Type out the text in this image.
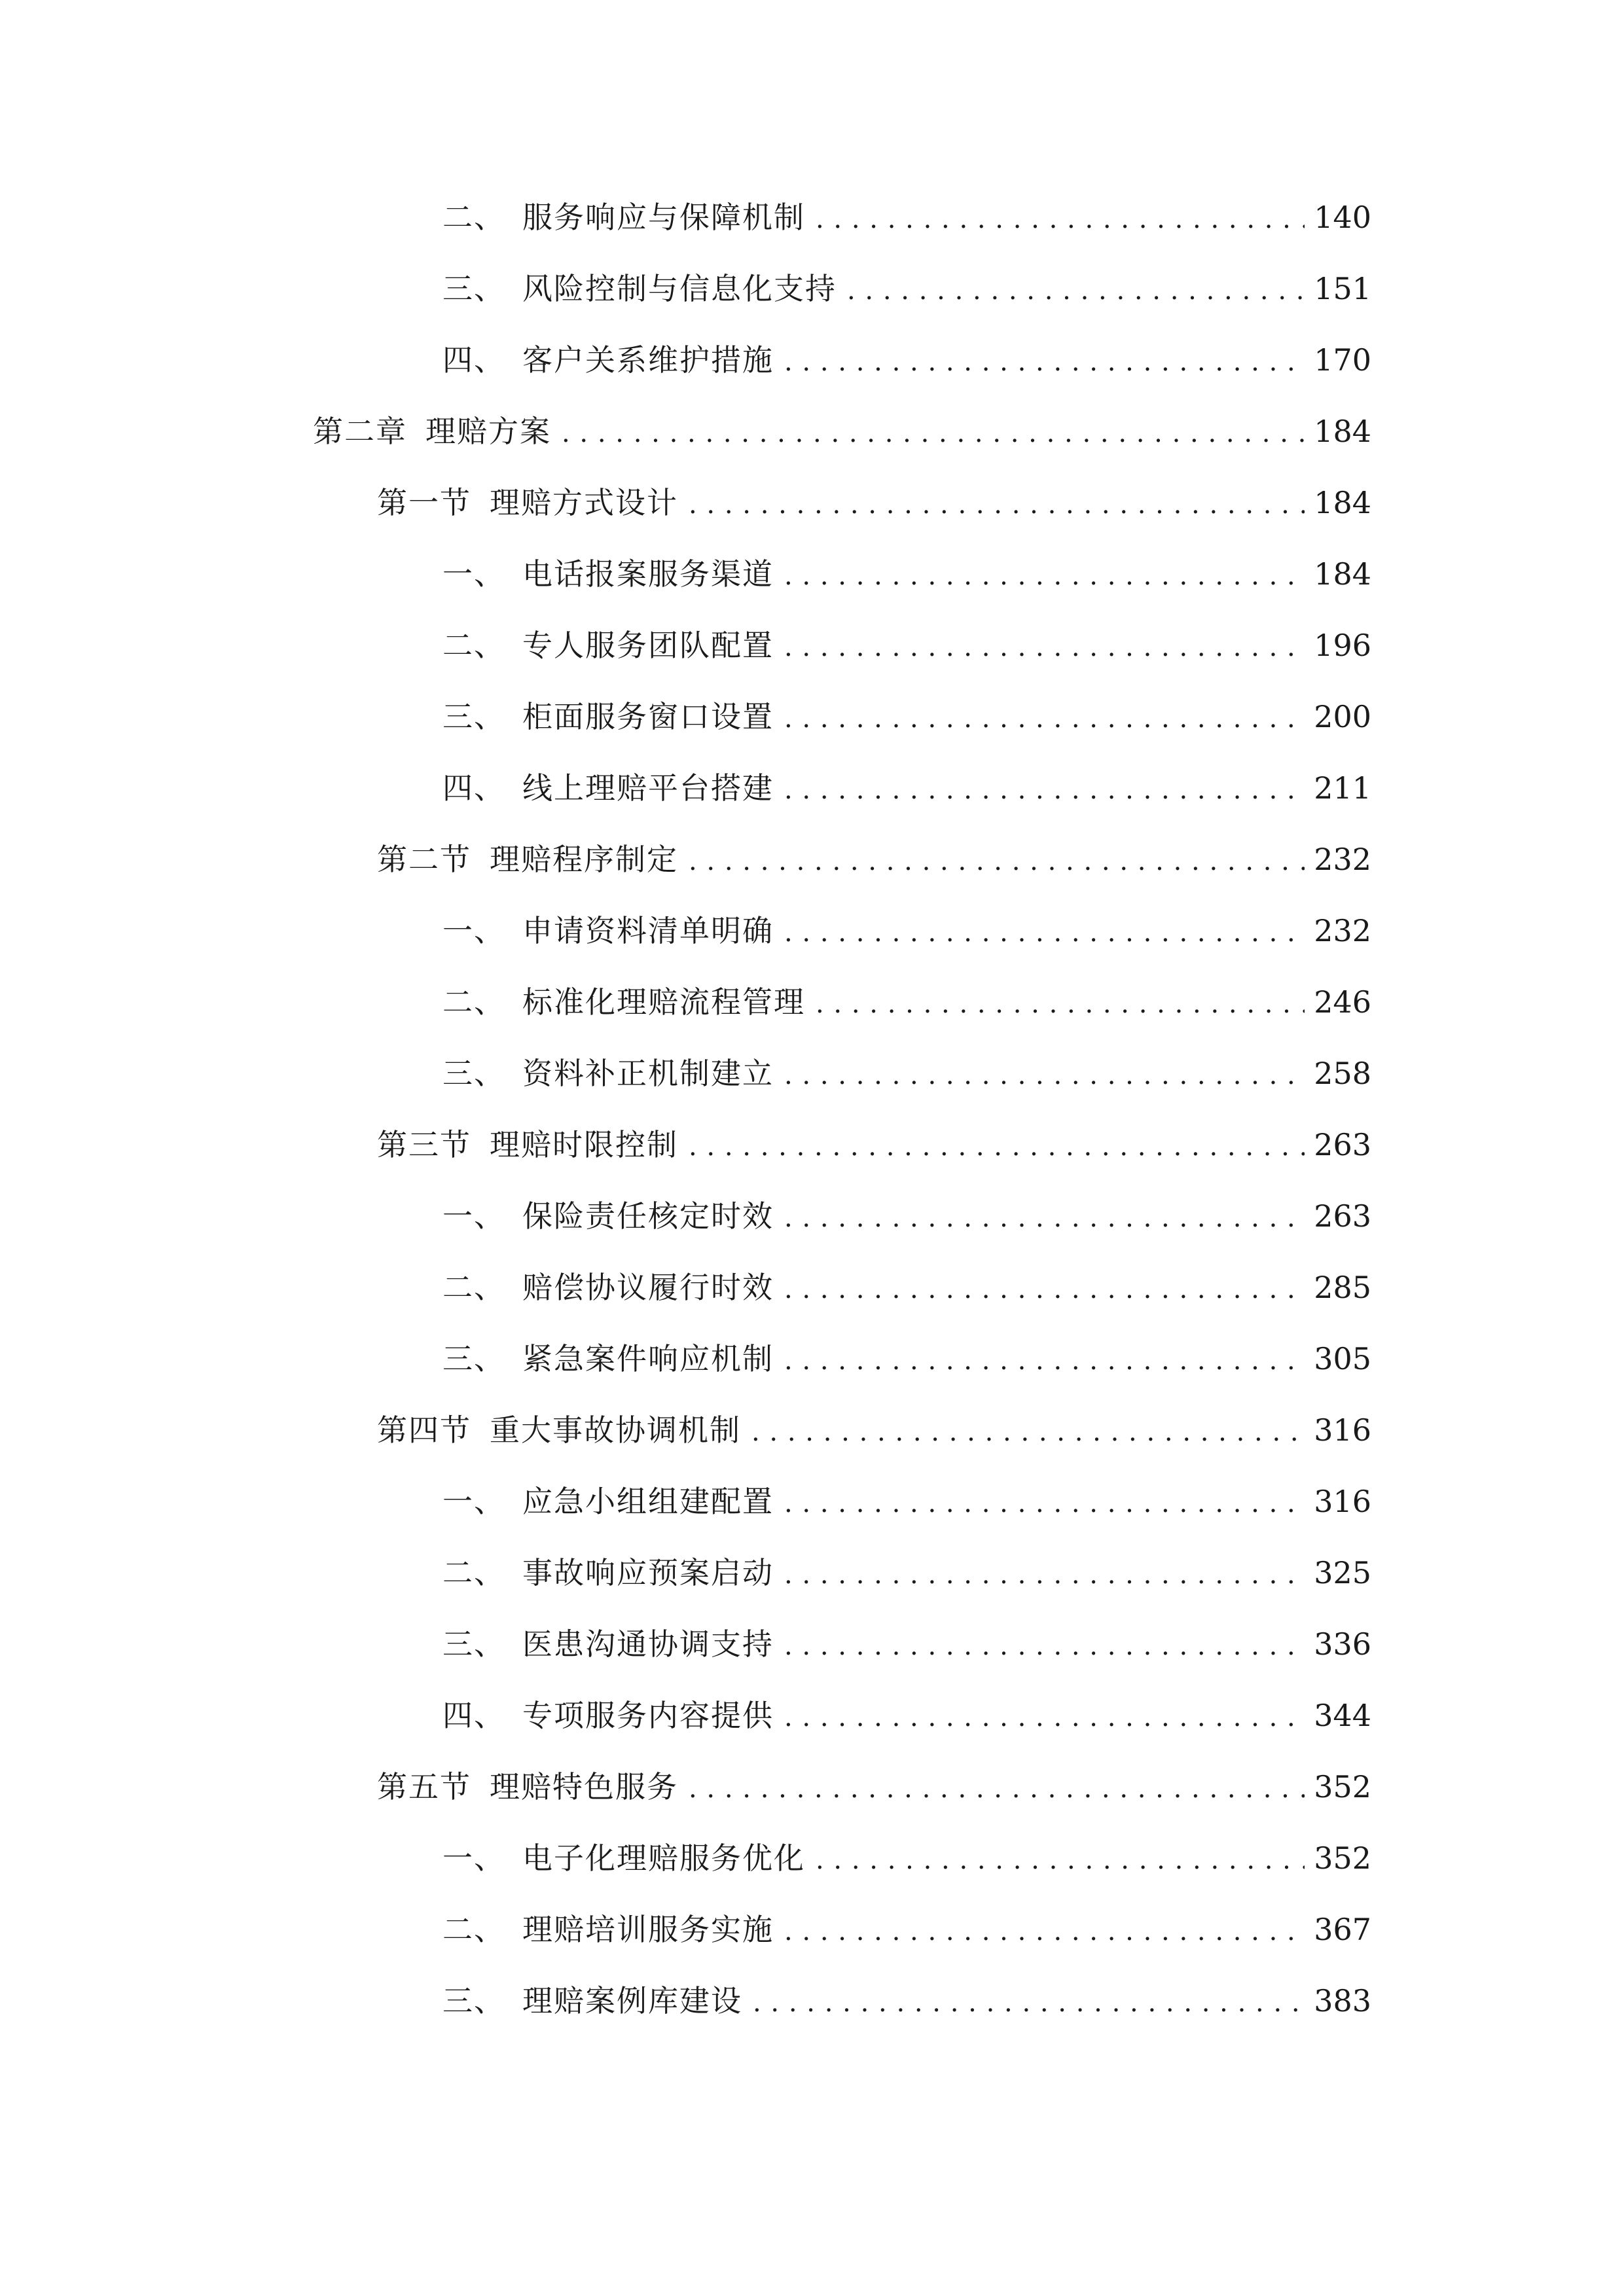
二、 服务响应与保障机制 . . .	140
三、 风险控制与信息化支持 . . .	151
四、 客户关系维护措施 . . .	170
第二章 理赔方案 . . .	184
第一节 理赔方式设计 . . .	184
一、 电话报案服务渠道 . . .	184
二、 专人服务团队配置 . . .	196
三、 柜面服务窗口设置 . . .	200
四、 线上理赔平台搭建 . . .	211
第二节 理赔程序制定 . . .	232
一、 申请资料清单明确 . . .	232
二、 标准化理赔流程管理 . . .	246
三、 资料补正机制建立 . . .	258
第三节 理赔时限控制 . . .	263
一、 保险责任核定时效 . . .	263
二、 赔偿协议履行时效 . . .	285
三、 紧急案件响应机制 . . .	305
第四节 重大事故协调机制 . . .	316
一、 应急小组组建配置 . . .	316
二、 事故响应预案启动 . . .	325
三、 医患沟通协调支持 . . .	336
四、 专项服务内容提供 . . .	344
第五节 理赔特色服务 . . .	352
一、 电子化理赔服务优化 . . .	352
二、 理赔培训服务实施 . . .	367
三、 理赔案例库建设 . . .	383
